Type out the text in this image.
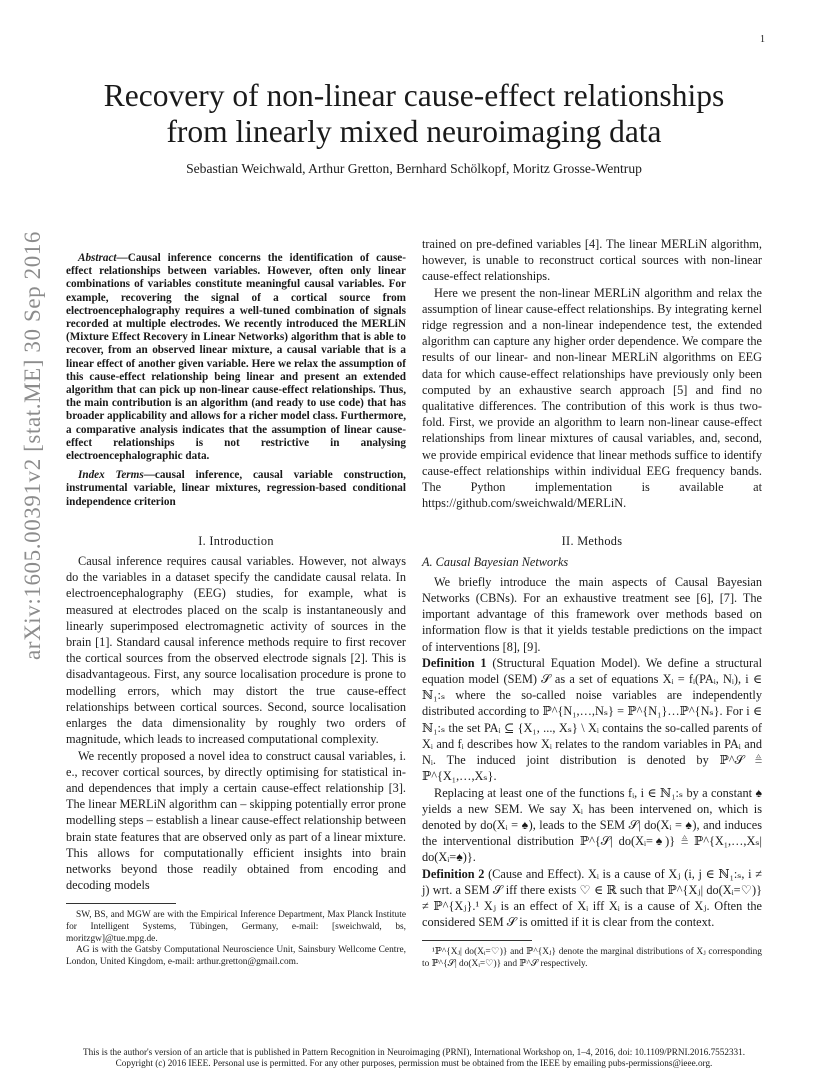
1
Recovery of non-linear cause-effect relationships
from linearly mixed neuroimaging data
Sebastian Weichwald, Arthur Gretton, Bernhard Schölkopf, Moritz Grosse-Wentrup
arXiv:1605.00391v2 [stat.ME] 30 Sep 2016	Abstract—Causal inference concerns the identification of cause-effect relationships between variables. However, often only linear combinations of variables constitute meaningful causal variables. For example, recovering the signal of a cortical source from electroencephalography requires a well-tuned combination of signals recorded at multiple electrodes. We recently introduced the MERLiN (Mixture Effect Recovery in Linear Networks) algorithm that is able to recover, from an observed linear mixture, a causal variable that is a linear effect of another given variable. Here we relax the assumption of this cause-effect relationship being linear and present an extended algorithm that can pick up non-linear cause-effect relationships. Thus, the main contribution is an algorithm (and ready to use code) that has broader applicability and allows for a richer model class. Furthermore, a comparative analysis indicates that the assumption of linear cause-effect relationships is not restrictive in analysing electroencephalographic data.

Index Terms—causal inference, causal variable construction, instrumental variable, linear mixtures, regression-based conditional independence criterion

I. Introduction

Causal inference requires causal variables. However, not always do the variables in a dataset specify the candidate causal relata. In electroencephalography (EEG) studies, for example, what is measured at electrodes placed on the scalp is instantaneously and linearly superimposed electromagnetic activity of sources in the brain [1]. Standard causal inference methods require to first recover the cortical sources from the observed electrode signals [2]. This is disadvantageous. First, any source localisation procedure is prone to modelling errors, which may distort the true cause-effect relationships between cortical sources. Second, source localisation enlarges the data dimensionality by roughly two orders of magnitude, which leads to increased computational complexity.

We recently proposed a novel idea to construct causal variables, i. e., recover cortical sources, by directly optimising for statistical in- and dependences that imply a certain cause-effect relationship [3]. The linear MERLiN algorithm can – skipping potentially error prone modelling steps – establish a linear cause-effect relationship between brain state features that are observed only as part of a linear mixture. This allows for computationally efficient insights into brain networks beyond those readily obtained from encoding and decoding models

SW, BS, and MGW are with the Empirical Inference Department, Max Planck Institute for Intelligent Systems, Tübingen, Germany, e-mail: [sweichwald, bs, moritzgw]@tue.mpg.de.

AG is with the Gatsby Computational Neuroscience Unit, Sainsbury Wellcome Centre, London, United Kingdom, e-mail: arthur.gretton@gmail.com.

trained on pre-defined variables [4]. The linear MERLiN algorithm, however, is unable to reconstruct cortical sources with non-linear cause-effect relationships.

Here we present the non-linear MERLiN algorithm and relax the assumption of linear cause-effect relationships. By integrating kernel ridge regression and a non-linear independence test, the extended algorithm can capture any higher order dependence. We compare the results of our linear- and non-linear MERLiN algorithms on EEG data for which cause-effect relationships have previously only been computed by an exhaustive search approach [5] and find no qualitative differences. The contribution of this work is thus two-fold. First, we provide an algorithm to learn non-linear cause-effect relationships from linear mixtures of causal variables, and, second, we provide empirical evidence that linear methods suffice to identify cause-effect relationships within individual EEG frequency bands. The Python implementation is available at https://github.com/sweichwald/MERLiN.

II. Methods
A. Causal Bayesian Networks

We briefly introduce the main aspects of Causal Bayesian Networks (CBNs). For an exhaustive treatment see [6], [7]. The important advantage of this framework over methods based on information flow is that it yields testable predictions on the impact of interventions [8], [9].

Definition 1 (Structural Equation Model). We define a structural equation model (SEM) 𝒮 as a set of equations Xᵢ = fᵢ(PAᵢ, Nᵢ), i ∈ ℕ₁:ₛ where the so-called noise variables are independently distributed according to ℙ^{N₁,…,Nₛ} = ℙ^{N₁}…ℙ^{Nₛ}. For i ∈ ℕ₁:ₛ the set PAᵢ ⊆ {X₁, ..., Xₛ} \ Xᵢ contains the so-called parents of Xᵢ and fᵢ describes how Xᵢ relates to the random variables in PAᵢ and Nᵢ. The induced joint distribution is denoted by ℙ^𝒮 ≜ ℙ^{X₁,…,Xₛ}.

Replacing at least one of the functions fᵢ, i ∈ ℕ₁:ₛ by a constant ♠ yields a new SEM. We say Xᵢ has been intervened on, which is denoted by do(Xᵢ = ♠), leads to the SEM 𝒮| do(Xᵢ = ♠), and induces the interventional distribution ℙ^{𝒮| do(Xᵢ=♠)} ≜ ℙ^{X₁,…,Xₛ| do(Xᵢ=♠)}.

Definition 2 (Cause and Effect). Xᵢ is a cause of Xⱼ (i, j ∈ ℕ₁:ₛ, i ≠ j) wrt. a SEM 𝒮 iff there exists ♡ ∈ ℝ such that ℙ^{Xⱼ| do(Xᵢ=♡)} ≠ ℙ^{Xⱼ}.¹ Xⱼ is an effect of Xᵢ iff Xᵢ is a cause of Xⱼ. Often the considered SEM 𝒮 is omitted if it is clear from the context.

¹ℙ^{Xⱼ| do(Xᵢ=♡)} and ℙ^{Xⱼ} denote the marginal distributions of Xⱼ corresponding to ℙ^{𝒮| do(Xᵢ=♡)} and ℙ^𝒮 respectively.

This is the author's version of an article that is published in Pattern Recognition in Neuroimaging (PRNI), International Workshop on, 1–4, 2016, doi: 10.1109/PRNI.2016.7552331.
Copyright (c) 2016 IEEE. Personal use is permitted. For any other purposes, permission must be obtained from the IEEE by emailing pubs-permissions@ieee.org.
